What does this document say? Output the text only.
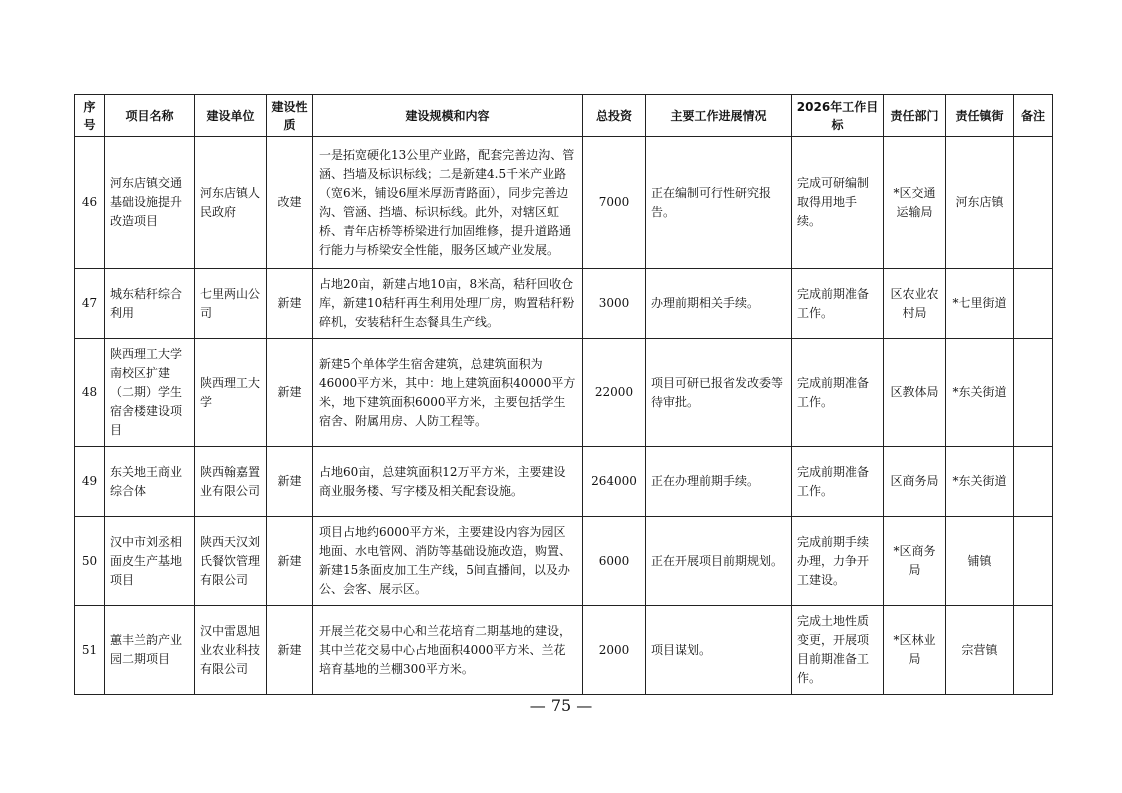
序号	项目名称	建设单位	建设性质	建设规模和内容	总投资	主要工作进展情况	2026年工作目标	责任部门	责任镇街	备注
46	河东店镇交通基础设施提升改造项目	河东店镇人民政府	改建	一是拓宽硬化13公里产业路，配套完善边沟、管涵、挡墙及标识标线；二是新建4.5千米产业路（宽6米，铺设6厘米厚沥青路面），同步完善边沟、管涵、挡墙、标识标线。此外，对辖区虹桥、青年店桥等桥梁进行加固维修，提升道路通行能力与桥梁安全性能，服务区域产业发展。	7000	正在编制可行性研究报告。	完成可研编制取得用地手续。	*区交通运输局	河东店镇	
47	城东秸秆综合利用	七里两山公司	新建	占地20亩，新建占地10亩，8米高，秸秆回收仓库，新建10秸秆再生利用处理厂房，购置秸秆粉碎机，安装秸秆生态餐具生产线。	3000	办理前期相关手续。	完成前期准备工作。	区农业农村局	*七里街道	
48	陕西理工大学南校区扩建（二期）学生宿舍楼建设项目	陕西理工大学	新建	新建5个单体学生宿舍建筑，总建筑面积为46000平方米，其中：地上建筑面积40000平方米，地下建筑面积6000平方米，主要包括学生宿舍、附属用房、人防工程等。	22000	项目可研已报省发改委等待审批。	完成前期准备工作。	区教体局	*东关街道	
49	东关地王商业综合体	陕西翰嘉置业有限公司	新建	占地60亩，总建筑面积12万平方米，主要建设商业服务楼、写字楼及相关配套设施。	264000	正在办理前期手续。	完成前期准备工作。	区商务局	*东关街道	
50	汉中市刘丞相面皮生产基地项目	陕西天汉刘氏餐饮管理有限公司	新建	项目占地约6000平方米，主要建设内容为园区地面、水电管网、消防等基础设施改造，购置、新建15条面皮加工生产线，5间直播间，以及办公、会客、展示区。	6000	正在开展项目前期规划。	完成前期手续办理，力争开工建设。	*区商务局	铺镇	
51	蕙丰兰韵产业园二期项目	汉中雷恩旭业农业科技有限公司	新建	开展兰花交易中心和兰花培育二期基地的建设，其中兰花交易中心占地面积4000平方米、兰花培育基地的兰棚300平方米。	2000	项目谋划。	完成土地性质变更，开展项目前期准备工作。	*区林业局	宗营镇	
— 75 —
